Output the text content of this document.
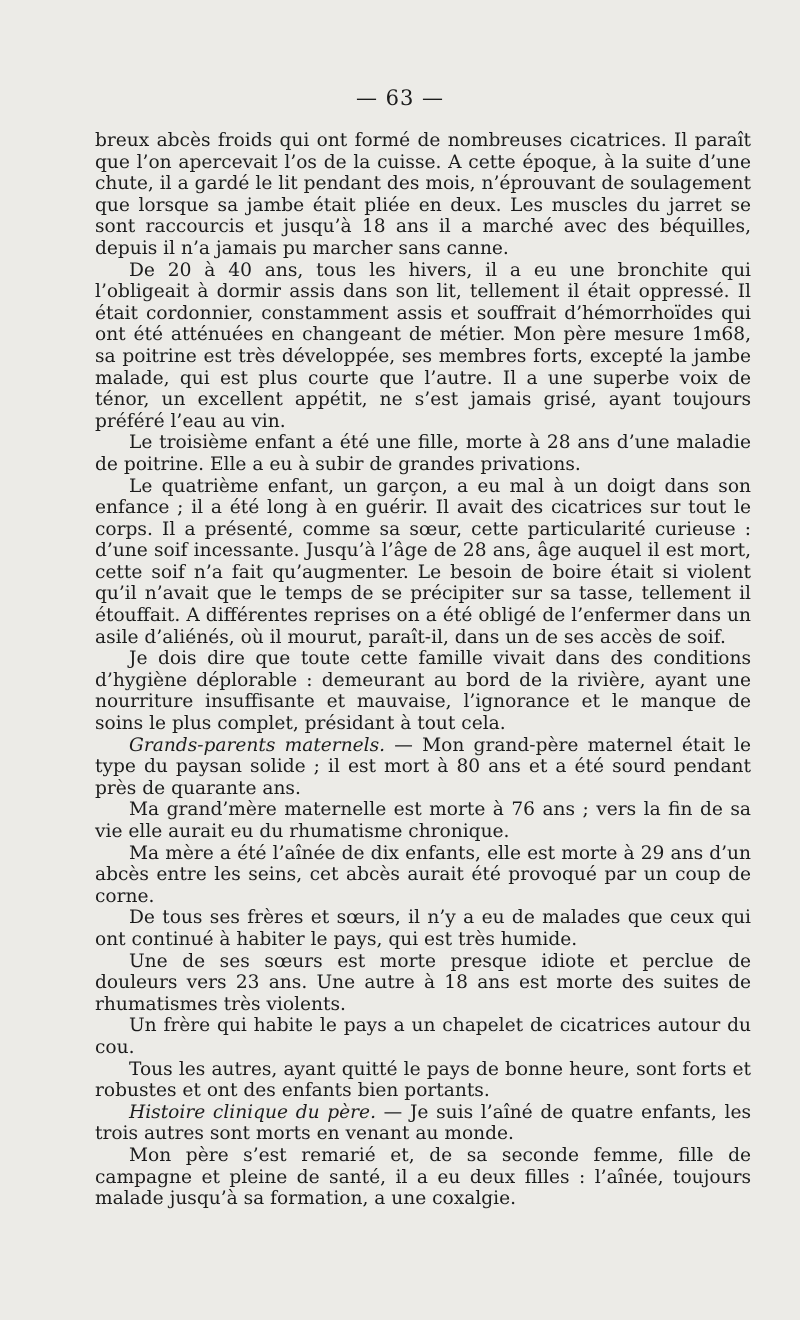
— 63 —

breux abcès froids qui ont formé de nombreuses cicatrices. Il paraît que l’on apercevait l’os de la cuisse. A cette époque, à la suite d’une chute, il a gardé le lit pendant des mois, n’éprouvant de soulagement que lorsque sa jambe était pliée en deux. Les muscles du jarret se sont raccourcis et jusqu’à 18 ans il a marché avec des béquilles, depuis il n’a jamais pu marcher sans canne.

De 20 à 40 ans, tous les hivers, il a eu une bronchite qui l’obligeait à dormir assis dans son lit, tellement il était oppressé. Il était cordonnier, constamment assis et souffrait d’hémorrhoïdes qui ont été atténuées en changeant de métier. Mon père mesure 1m68, sa poitrine est très développée, ses membres forts, excepté la jambe malade, qui est plus courte que l’autre. Il a une superbe voix de ténor, un excellent appétit, ne s’est jamais grisé, ayant toujours préféré l’eau au vin.

Le troisième enfant a été une fille, morte à 28 ans d’une maladie de poitrine. Elle a eu à subir de grandes privations.

Le quatrième enfant, un garçon, a eu mal à un doigt dans son enfance ; il a été long à en guérir. Il avait des cicatrices sur tout le corps. Il a présenté, comme sa sœur, cette particularité curieuse : d’une soif incessante. Jusqu’à l’âge de 28 ans, âge auquel il est mort, cette soif n’a fait qu’augmenter. Le besoin de boire était si violent qu’il n’avait que le temps de se précipiter sur sa tasse, tellement il étouffait. A différentes reprises on a été obligé de l’enfermer dans un asile d’aliénés, où il mourut, paraît-il, dans un de ses accès de soif.

Je dois dire que toute cette famille vivait dans des conditions d’hygiène déplorable : demeurant au bord de la rivière, ayant une nourriture insuffisante et mauvaise, l’ignorance et le manque de soins le plus complet, présidant à tout cela.

Grands-parents maternels. — Mon grand-père maternel était le type du paysan solide ; il est mort à 80 ans et a été sourd pendant près de quarante ans.

Ma grand’mère maternelle est morte à 76 ans ; vers la fin de sa vie elle aurait eu du rhumatisme chronique.

Ma mère a été l’aînée de dix enfants, elle est morte à 29 ans d’un abcès entre les seins, cet abcès aurait été provoqué par un coup de corne.

De tous ses frères et sœurs, il n’y a eu de malades que ceux qui ont continué à habiter le pays, qui est très humide.

Une de ses sœurs est morte presque idiote et perclue de douleurs vers 23 ans. Une autre à 18 ans est morte des suites de rhumatismes très violents.

Un frère qui habite le pays a un chapelet de cicatrices autour du cou.

Tous les autres, ayant quitté le pays de bonne heure, sont forts et robustes et ont des enfants bien portants.

Histoire clinique du père. — Je suis l’aîné de quatre enfants, les trois autres sont morts en venant au monde.

Mon père s’est remarié et, de sa seconde femme, fille de campagne et pleine de santé, il a eu deux filles : l’aînée, toujours malade jusqu’à sa formation, a une coxalgie.
